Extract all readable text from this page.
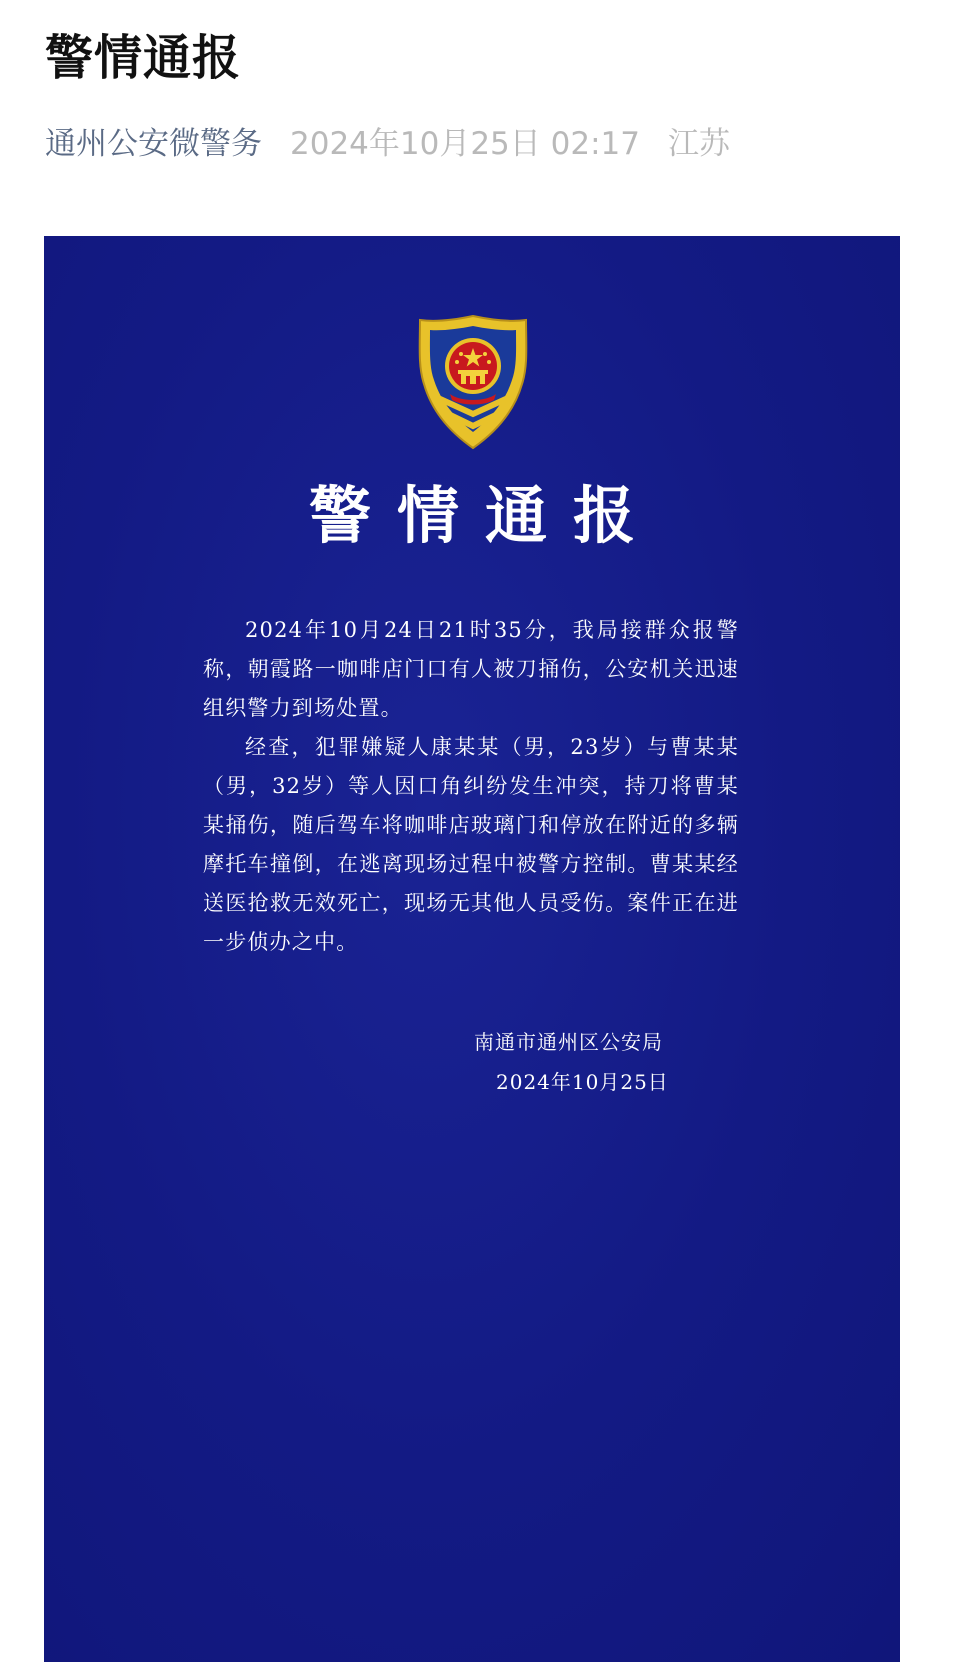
警情通报
通州公安微警务 2024年10月25日 02:17 江苏
警情通报

2024年10月24日21时35分，我局接群众报警称，朝霞路一咖啡店门口有人被刀捅伤，公安机关迅速组织警力到场处置。

经查，犯罪嫌疑人康某某（男，23岁）与曹某某（男，32岁）等人因口角纠纷发生冲突，持刀将曹某某捅伤，随后驾车将咖啡店玻璃门和停放在附近的多辆摩托车撞倒，在逃离现场过程中被警方控制。曹某某经送医抢救无效死亡，现场无其他人员受伤。案件正在进一步侦办之中。

南通市通州区公安局
2024年10月25日
